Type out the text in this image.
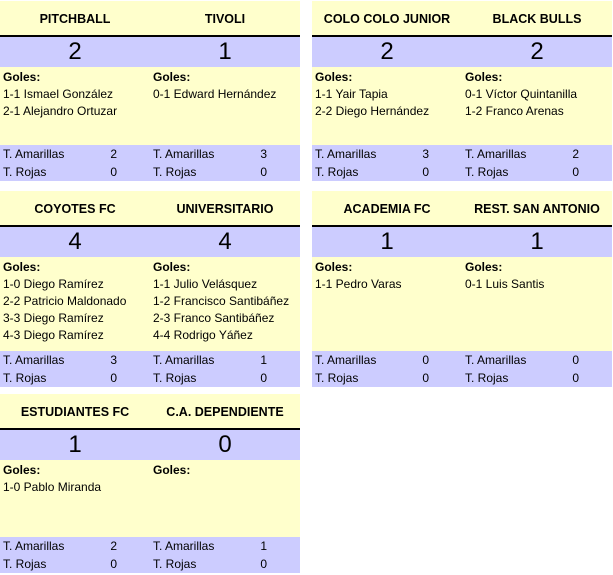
PITCHBALL	TIVOLI
2	1
Goles:
1-1 Ismael González
2-1 Alejandro Ortuzar
Goles:
0-1 Edward Hernández
T. Amarillas	2	T. Amarillas	3
T. Rojas	0	T. Rojas	0
COLO COLO JUNIOR	BLACK BULLS
2	2
Goles:
1-1 Yair Tapia
2-2 Diego Hernández
Goles:
0-1 Víctor Quintanilla
1-2 Franco Arenas
T. Amarillas	3	T. Amarillas	2
T. Rojas	0	T. Rojas	0
COYOTES FC	UNIVERSITARIO
4	4
Goles:
1-0 Diego Ramírez
2-2 Patricio Maldonado
3-3 Diego Ramírez
4-3 Diego Ramírez
Goles:
1-1 Julio Velásquez
1-2 Francisco Santibáñez
2-3 Franco Santibáñez
4-4 Rodrigo Yáñez
T. Amarillas	3	T. Amarillas	1
T. Rojas	0	T. Rojas	0
ACADEMIA FC	REST. SAN ANTONIO
1	1
Goles:
1-1 Pedro Varas
Goles:
0-1 Luis Santis
T. Amarillas	0	T. Amarillas	0
T. Rojas	0	T. Rojas	0
ESTUDIANTES FC	C.A. DEPENDIENTE
1	0
Goles:
1-0 Pablo Miranda
Goles:
T. Amarillas	2	T. Amarillas	1
T. Rojas	0	T. Rojas	0
